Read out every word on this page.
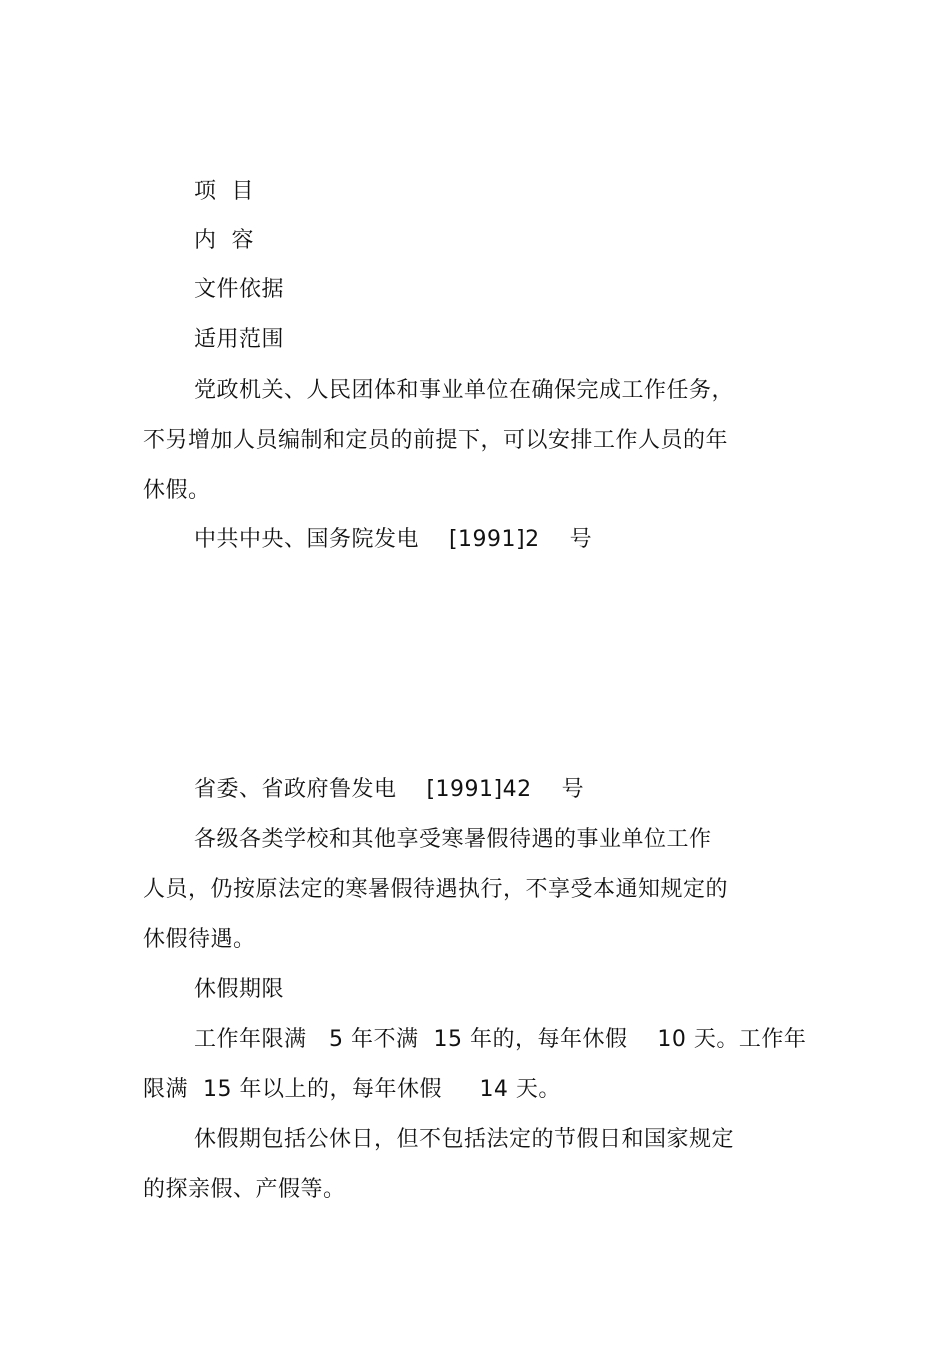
项  目
内  容
文件依据
适用范围
党政机关、人民团体和事业单位在确保完成工作任务，
不另增加人员编制和定员的前提下，可以安排工作人员的年
休假。
中共中央、国务院发电    [1991]2    号
省委、省政府鲁发电    [1991]42    号
各级各类学校和其他享受寒暑假待遇的事业单位工作
人员，仍按原法定的寒暑假待遇执行，不享受本通知规定的
休假待遇。
休假期限
工作年限满   5 年不满  15 年的，每年休假    10 天。工作年
限满  15 年以上的，每年休假     14 天。
休假期包括公休日，但不包括法定的节假日和国家规定
的探亲假、产假等。
